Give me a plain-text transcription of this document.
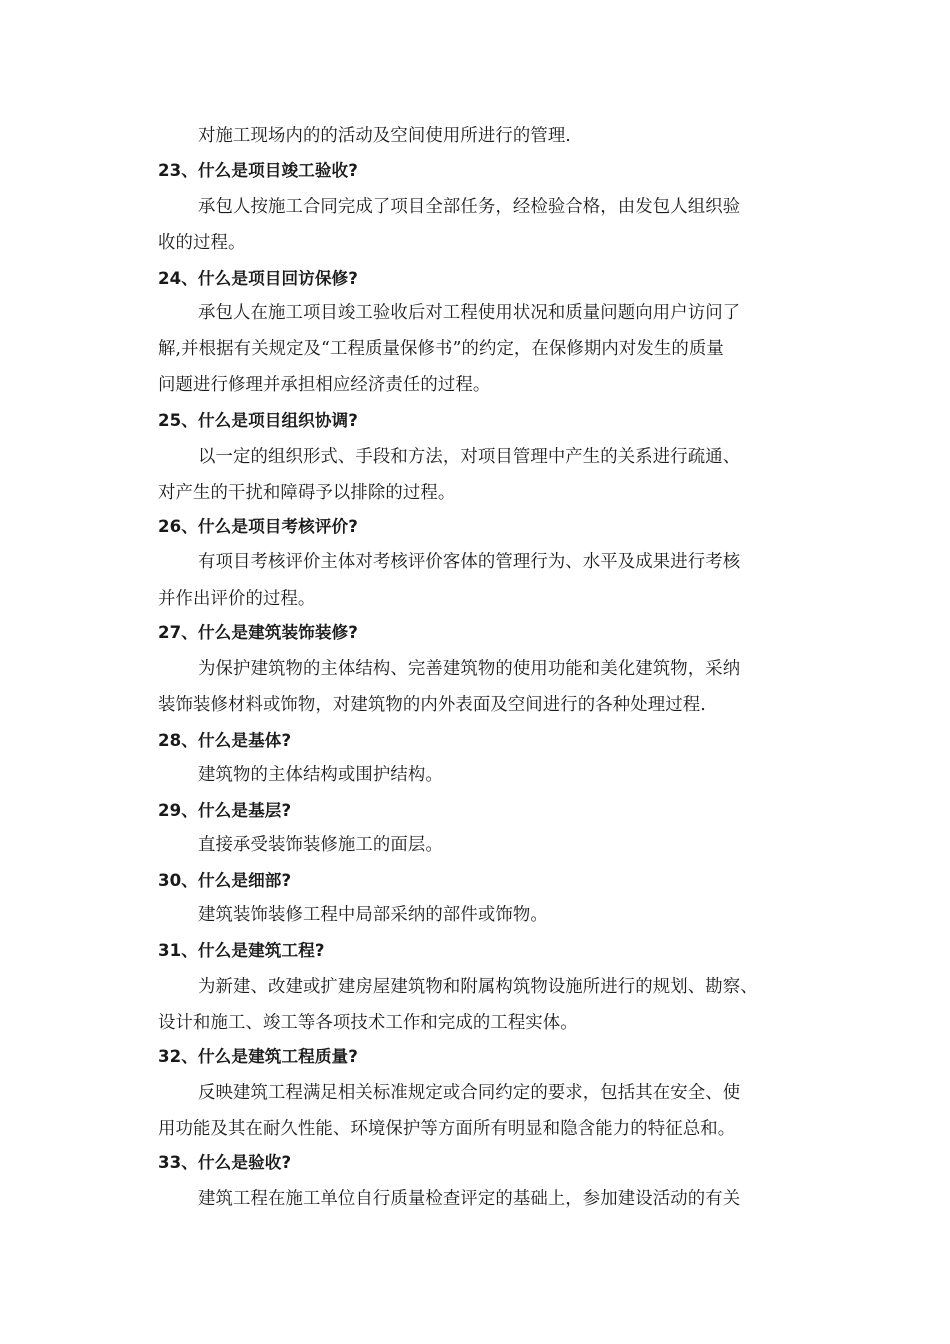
对施工现场内的的活动及空间使用所进行的管理.
23、什么是项目竣工验收?
承包人按施工合同完成了项目全部任务，经检验合格，由发包人组织验
收的过程。
24、什么是项目回访保修?
承包人在施工项目竣工验收后对工程使用状况和质量问题向用户访问了
解,并根据有关规定及“工程质量保修书”的约定，在保修期内对发生的质量
问题进行修理并承担相应经济责任的过程。
25、什么是项目组织协调?
以一定的组织形式、手段和方法，对项目管理中产生的关系进行疏通、
对产生的干扰和障碍予以排除的过程。
26、什么是项目考核评价?
有项目考核评价主体对考核评价客体的管理行为、水平及成果进行考核
并作出评价的过程。
27、什么是建筑装饰装修?
为保护建筑物的主体结构、完善建筑物的使用功能和美化建筑物，采纳
装饰装修材料或饰物，对建筑物的内外表面及空间进行的各种处理过程.
28、什么是基体?
建筑物的主体结构或围护结构。
29、什么是基层?
直接承受装饰装修施工的面层。
30、什么是细部?
建筑装饰装修工程中局部采纳的部件或饰物。
31、什么是建筑工程?
为新建、改建或扩建房屋建筑物和附属构筑物设施所进行的规划、勘察、
设计和施工、竣工等各项技术工作和完成的工程实体。
32、什么是建筑工程质量?
反映建筑工程满足相关标准规定或合同约定的要求，包括其在安全、使
用功能及其在耐久性能、环境保护等方面所有明显和隐含能力的特征总和。
33、什么是验收?
建筑工程在施工单位自行质量检查评定的基础上，参加建设活动的有关
